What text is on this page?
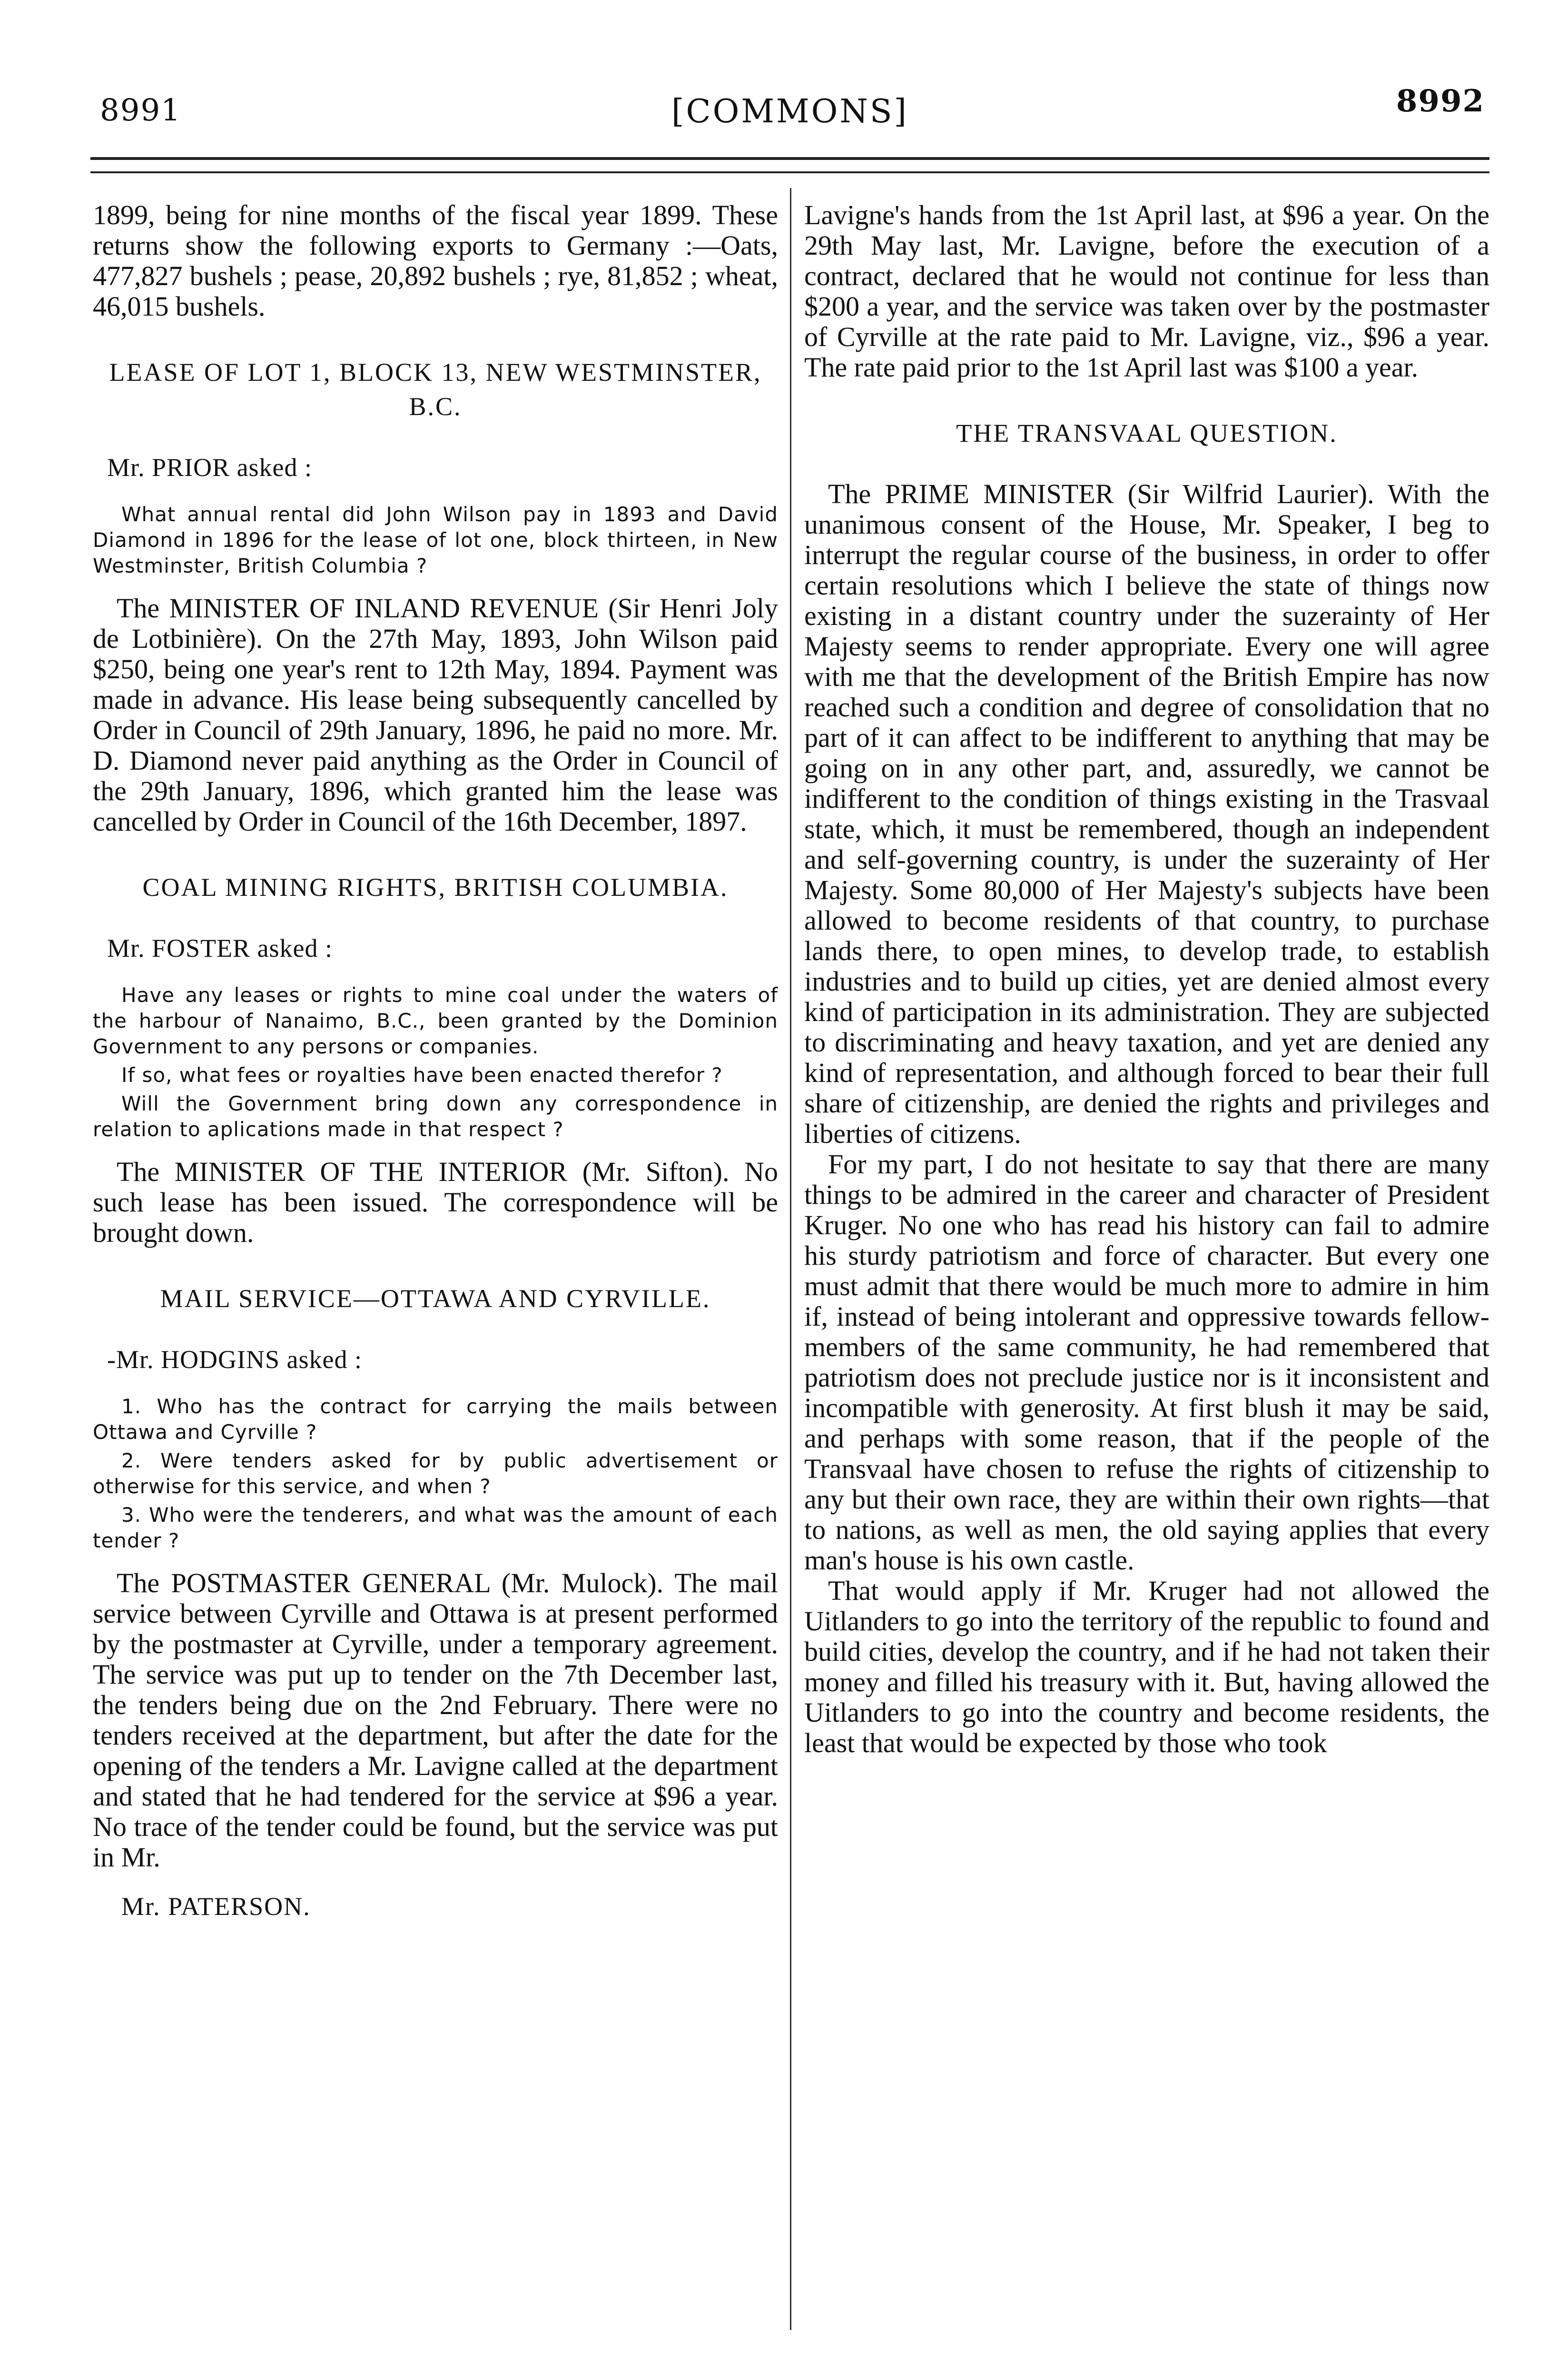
8991	[COMMONS]	8992

1899, being for nine months of the fiscal year 1899. These returns show the following exports to Germany :—Oats, 477,827 bushels ; pease, 20,892 bushels ; rye, 81,852 ; wheat, 46,015 bushels.

LEASE OF LOT 1, BLOCK 13, NEW WESTMINSTER, B.C.
Mr. PRIOR asked :

What annual rental did John Wilson pay in 1893 and David Diamond in 1896 for the lease of lot one, block thirteen, in New Westminster, British Columbia ?

The MINISTER OF INLAND REVENUE (Sir Henri Joly de Lotbinière). On the 27th May, 1893, John Wilson paid $250, being one year's rent to 12th May, 1894. Payment was made in advance. His lease being subsequently cancelled by Order in Council of 29th January, 1896, he paid no more. Mr. D. Diamond never paid anything as the Order in Council of the 29th January, 1896, which granted him the lease was cancelled by Order in Council of the 16th December, 1897.

COAL MINING RIGHTS, BRITISH COLUMBIA.
Mr. FOSTER asked :

Have any leases or rights to mine coal under the waters of the harbour of Nanaimo, B.C., been granted by the Dominion Government to any persons or companies.

If so, what fees or royalties have been enacted therefor ?

Will the Government bring down any correspondence in relation to aplications made in that respect ?

The MINISTER OF THE INTERIOR (Mr. Sifton). No such lease has been issued. The correspondence will be brought down.

MAIL SERVICE—OTTAWA AND CYRVILLE.
-Mr. HODGINS asked :

1. Who has the contract for carrying the mails between Ottawa and Cyrville ?

2. Were tenders asked for by public advertisement or otherwise for this service, and when ?

3. Who were the tenderers, and what was the amount of each tender ?

The POSTMASTER GENERAL (Mr. Mulock). The mail service between Cyrville and Ottawa is at present performed by the postmaster at Cyrville, under a temporary agreement. The service was put up to tender on the 7th December last, the tenders being due on the 2nd February. There were no tenders received at the department, but after the date for the opening of the tenders a Mr. Lavigne called at the department and stated that he had tendered for the service at $96 a year. No trace of the tender could be found, but the service was put in Mr.

Mr. PATERSON.

Lavigne's hands from the 1st April last, at $96 a year. On the 29th May last, Mr. Lavigne, before the execution of a contract, declared that he would not continue for less than $200 a year, and the service was taken over by the postmaster of Cyrville at the rate paid to Mr. Lavigne, viz., $96 a year. The rate paid prior to the 1st April last was $100 a year.

THE TRANSVAAL QUESTION.

The PRIME MINISTER (Sir Wilfrid Laurier). With the unanimous consent of the House, Mr. Speaker, I beg to interrupt the regular course of the business, in order to offer certain resolutions which I believe the state of things now existing in a distant country under the suzerainty of Her Majesty seems to render appropriate. Every one will agree with me that the development of the British Empire has now reached such a condition and degree of consolidation that no part of it can affect to be indifferent to anything that may be going on in any other part, and, assuredly, we cannot be indifferent to the condition of things existing in the Trasvaal state, which, it must be remembered, though an independent and self-governing country, is under the suzerainty of Her Majesty. Some 80,000 of Her Majesty's subjects have been allowed to become residents of that country, to purchase lands there, to open mines, to develop trade, to establish industries and to build up cities, yet are denied almost every kind of participation in its administration. They are subjected to discriminating and heavy taxation, and yet are denied any kind of representation, and although forced to bear their full share of citizenship, are denied the rights and privileges and liberties of citizens.

For my part, I do not hesitate to say that there are many things to be admired in the career and character of President Kruger. No one who has read his history can fail to admire his sturdy patriotism and force of character. But every one must admit that there would be much more to admire in him if, instead of being intolerant and oppressive towards fellow-members of the same community, he had remembered that patriotism does not preclude justice nor is it inconsistent and incompatible with generosity. At first blush it may be said, and perhaps with some reason, that if the people of the Transvaal have chosen to refuse the rights of citizenship to any but their own race, they are within their own rights—that to nations, as well as men, the old saying applies that every man's house is his own castle.

That would apply if Mr. Kruger had not allowed the Uitlanders to go into the territory of the republic to found and build cities, develop the country, and if he had not taken their money and filled his treasury with it. But, having allowed the Uitlanders to go into the country and become residents, the least that would be expected by those who took
